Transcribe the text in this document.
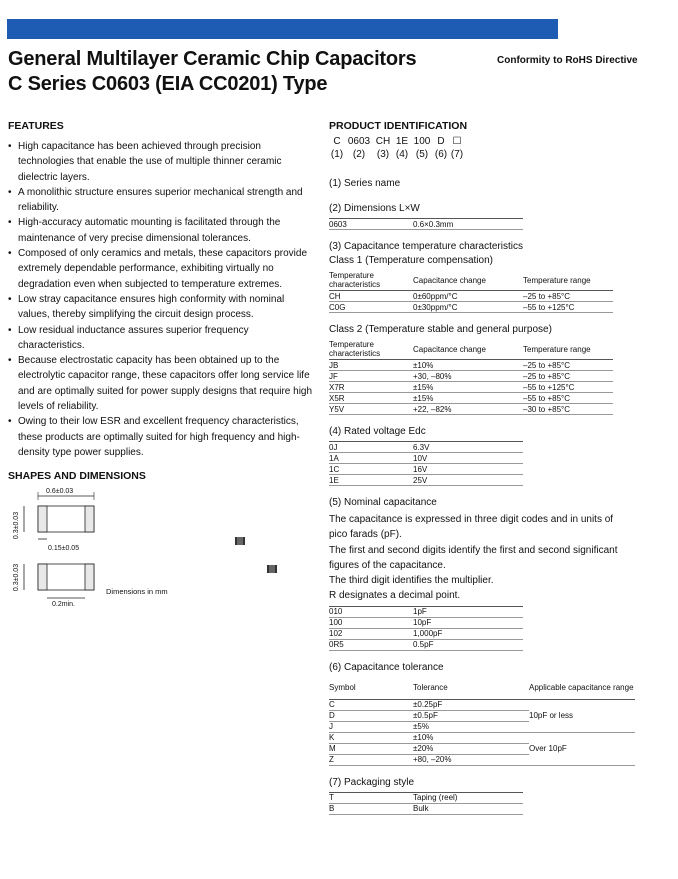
General Multilayer Ceramic Chip Capacitors
C Series C0603 (EIA CC0201) Type
Conformity to RoHS Directive
FEATURES
• High capacitance has been achieved through precision technologies that enable the use of multiple thinner ceramic dielectric layers.
• A monolithic structure ensures superior mechanical strength and reliability.
• High-accuracy automatic mounting is facilitated through the maintenance of very precise dimensional tolerances.
• Composed of only ceramics and metals, these capacitors provide extremely dependable performance, exhibiting virtually no degradation even when subjected to temperature extremes.
• Low stray capacitance ensures high conformity with nominal values, thereby simplifying the circuit design process.
• Low residual inductance assures superior frequency characteristics.
• Because electrostatic capacity has been obtained up to the electrolytic capacitor range, these capacitors offer long service life and are optimally suited for power supply designs that require high levels of reliability.
• Owing to their low ESR and excellent frequency characteristics, these products are optimally suited for high frequency and high-density type power supplies.
SHAPES AND DIMENSIONS
0.6±0.03
0.3±0.03
0.15±0.05
0.3±0.03
0.2min.
Dimensions in mm
PRODUCT IDENTIFICATION
C 0603 CH 1E 100 D ☐
(1) (2)	(3) (4) (5) (6) (7)
(1) Series name
(2) Dimensions L×W
0603	0.6×0.3mm
(3) Capacitance temperature characteristics
Class 1 (Temperature compensation)
Temperature characteristics	Capacitance change	Temperature range
CH	0±60ppm/°C	–25 to +85°C
C0G	0±30ppm/°C	–55 to +125°C
Class 2 (Temperature stable and general purpose)
Temperature characteristics	Capacitance change	Temperature range
JB	±10%	–25 to +85°C
JF	+30, –80%	–25 to +85°C
X7R	±15%	–55 to +125°C
X5R	±15%	–55 to +85°C
Y5V	+22, –82%	–30 to +85°C
(4) Rated voltage Edc
0J	6.3V
1A	10V
1C	16V
1E	25V
(5) Nominal capacitance
The capacitance is expressed in three digit codes and in units of pico farads (pF).
The first and second digits identify the first and second significant figures of the capacitance.
The third digit identifies the multiplier.
R designates a decimal point.
010	1pF
100	10pF
102	1,000pF
0R5	0.5pF
(6) Capacitance tolerance
Symbol	Tolerance	Applicable capacitance range
C	±0.25pF	10pF or less
D	±0.5pF	
J	±5%	
K	±10%	Over 10pF
M	±20%	
Z	+80, –20%	
(7) Packaging style
T	Taping (reel)
B	Bulk
